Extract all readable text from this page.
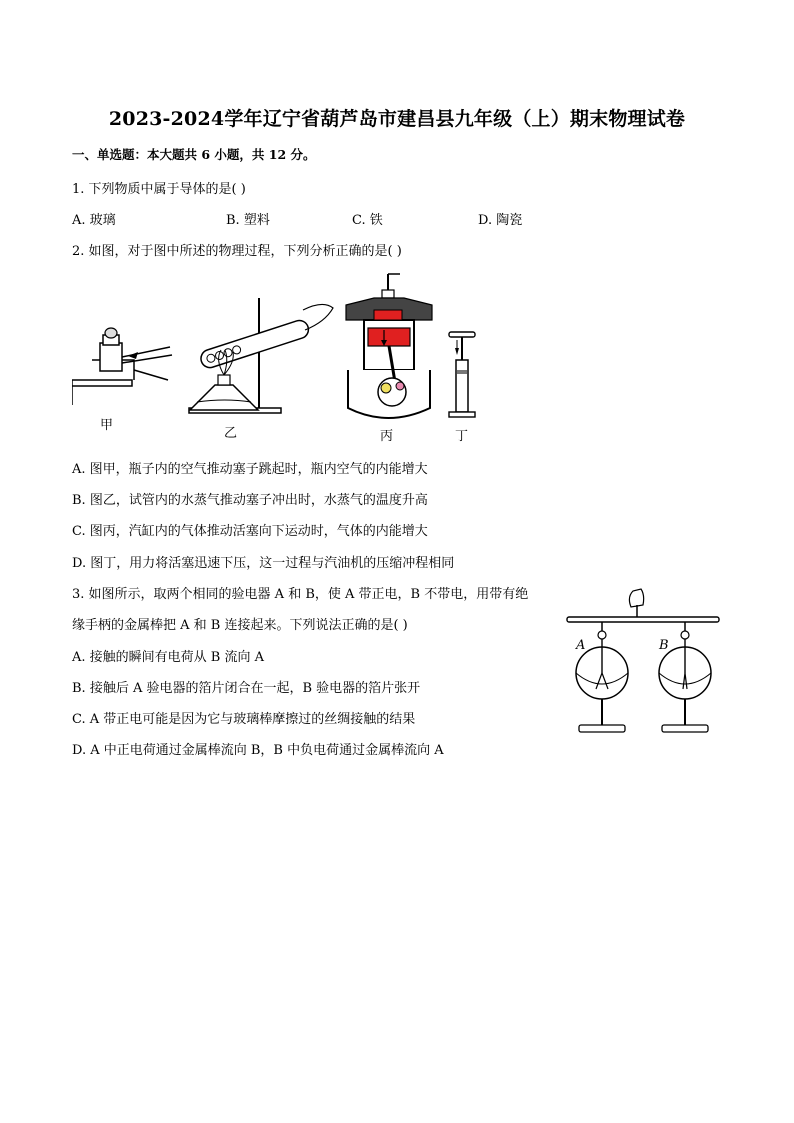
2023-2024学年辽宁省葫芦岛市建昌县九年级（上）期末物理试卷
一、单选题：本大题共 6 小题，共 12 分。
1. 下列物质中属于导体的是( )
A. 玻璃	B. 塑料	C. 铁	D. 陶瓷
2. 如图，对于图中所述的物理过程，下列分析正确的是( )
甲
乙	丙	丁
A. 图甲，瓶子内的空气推动塞子跳起时，瓶内空气的内能增大
B. 图乙，试管内的水蒸气推动塞子冲出时，水蒸气的温度升高
C. 图丙，汽缸内的气体推动活塞向下运动时，气体的内能增大
D. 图丁，用力将活塞迅速下压，这一过程与汽油机的压缩冲程相同
3. 如图所示，取两个相同的验电器 A 和 B，使 A 带正电，B 不带电，用带有绝
缘手柄的金属棒把 A 和 B 连接起来。下列说法正确的是( )
A. 接触的瞬间有电荷从 B 流向 A
B. 接触后 A 验电器的箔片闭合在一起，B 验电器的箔片张开
C. A 带正电可能是因为它与玻璃棒摩擦过的丝绸接触的结果
D. A 中正电荷通过金属棒流向 B，B 中负电荷通过金属棒流向 A
A	B
